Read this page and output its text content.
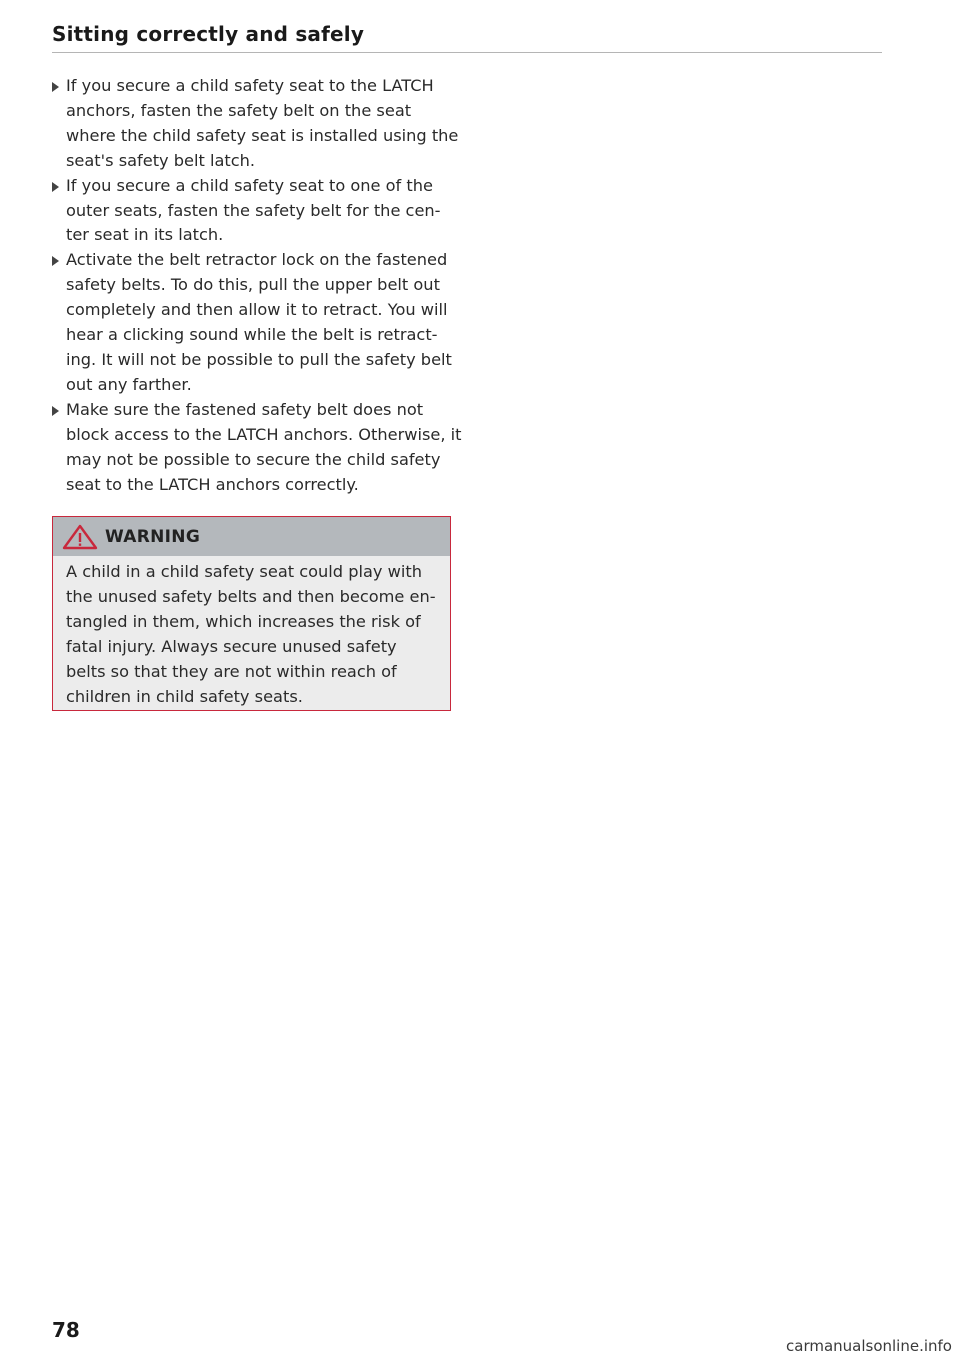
Sitting correctly and safely
If you secure a child safety seat to the LATCH anchors, fasten the safety belt on the seat where the child safety seat is installed using the seat's safety belt latch.
If you secure a child safety seat to one of the outer seats, fasten the safety belt for the cen-ter seat in its latch.
Activate the belt retractor lock on the fastened safety belts. To do this, pull the upper belt out completely and then allow it to retract. You will hear a clicking sound while the belt is retract-ing. It will not be possible to pull the safety belt out any farther.
Make sure the fastened safety belt does not block access to the LATCH anchors. Otherwise, it may not be possible to secure the child safety seat to the LATCH anchors correctly.
WARNING
A child in a child safety seat could play with the unused safety belts and then become en-tangled in them, which increases the risk of fatal injury. Always secure unused safety belts so that they are not within reach of children in child safety seats.
78
carmanualsonline.info
